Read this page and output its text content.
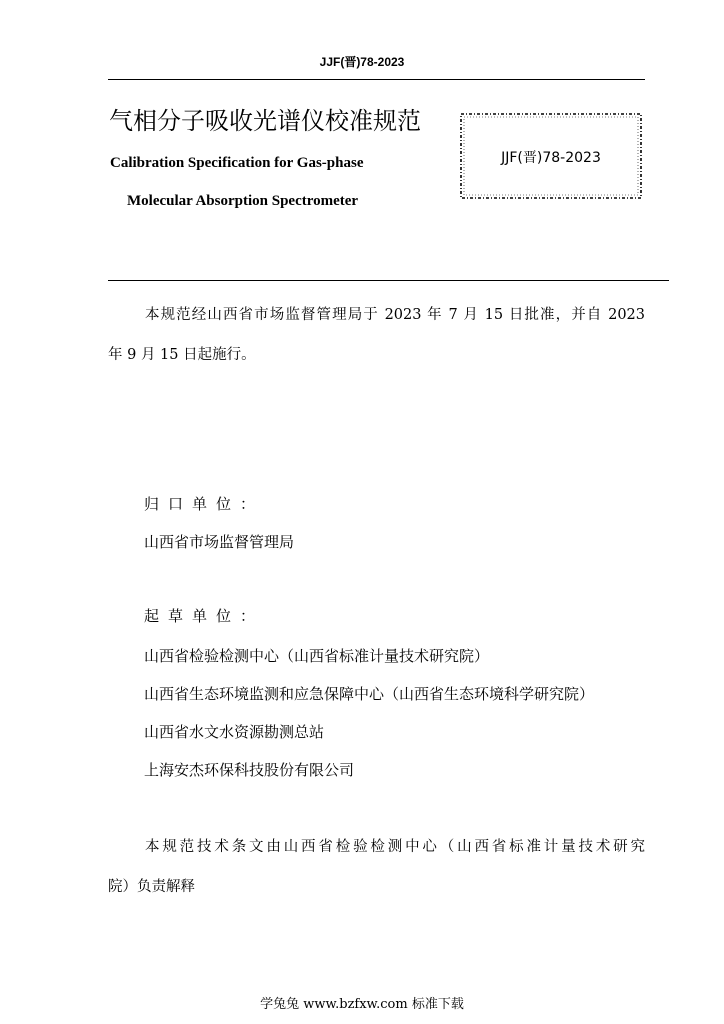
JJF(晋)78-2023
气相分子吸收光谱仪校准规范
Calibration Specification for Gas-phase
Molecular Absorption Spectrometer
JJF(晋)78-2023
本规范经山西省市场监督管理局于 2023 年 7 月 15 日批准，并自 2023
年 9 月 15 日起施行。
归口单位：
山西省市场监督管理局
起草单位：
山西省检验检测中心（山西省标准计量技术研究院）
山西省生态环境监测和应急保障中心（山西省生态环境科学研究院）
山西省水文水资源勘测总站
上海安杰环保科技股份有限公司
本规范技术条文由山西省检验检测中心（山西省标准计量技术研究
院）负责解释
学兔兔 www.bzfxw.com 标准下载
